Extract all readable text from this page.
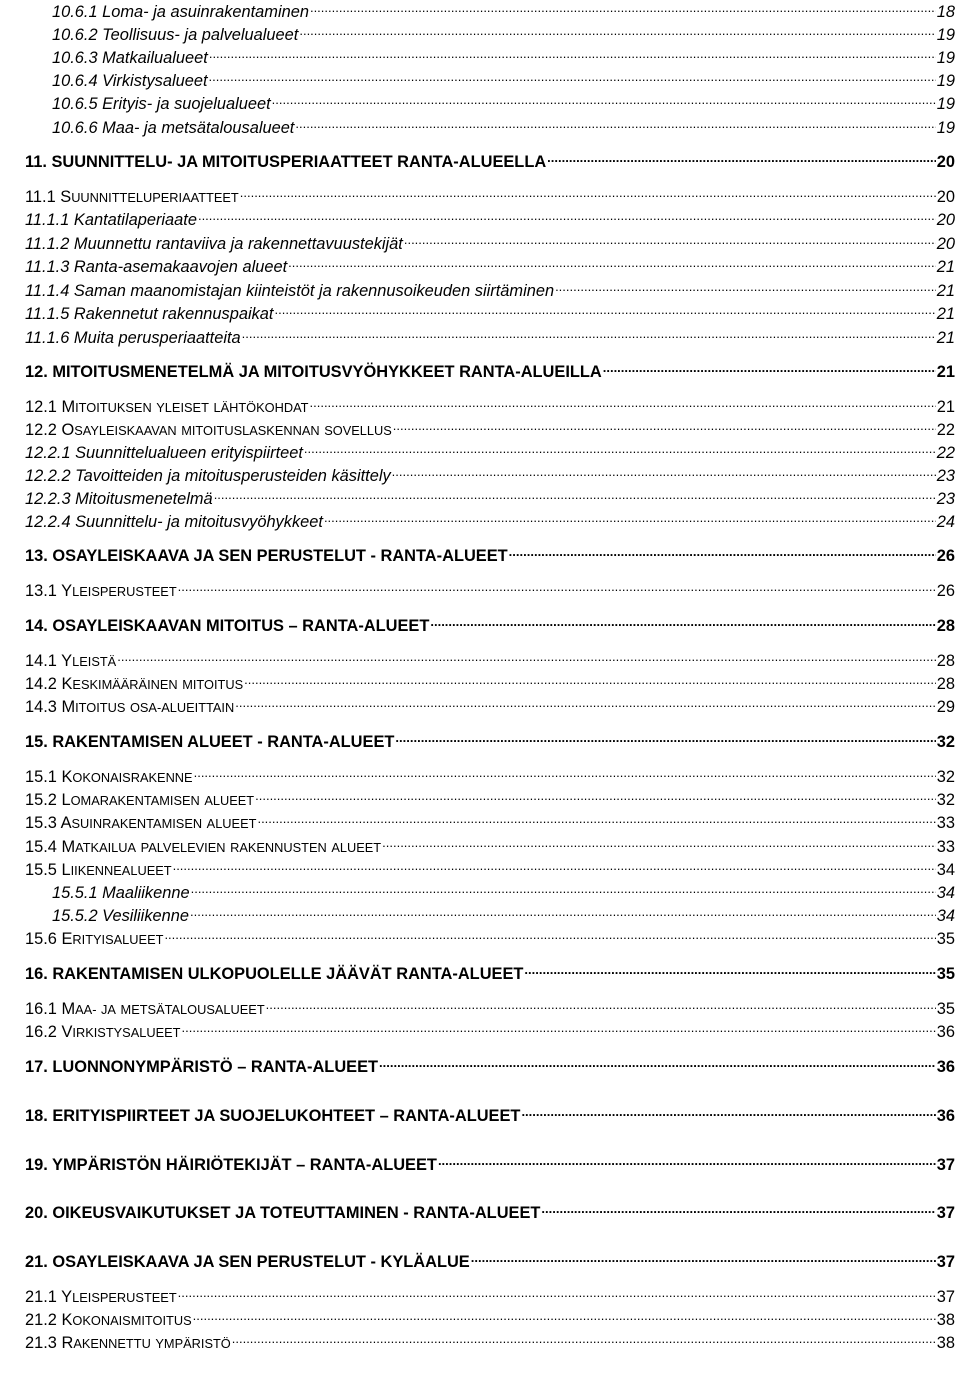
10.6.1 Loma- ja asuinrakentaminen .....	18
10.6.2 Teollisuus- ja palvelualueet .....	19
10.6.3 Matkailualueet .....	19
10.6.4 Virkistysalueet .....	19
10.6.5 Erityis- ja suojelualueet .....	19
10.6.6 Maa- ja metsätalousalueet .....	19
11. SUUNNITTELU- JA MITOITUSPERIAATTEET RANTA-ALUEELLA .....	20
11.1 SUUNNITTELUPERIAATTEET .....	20
11.1.1 Kantatilaperiaate .....	20
11.1.2 Muunnettu rantaviiva ja rakennettavuustekijät .....	20
11.1.3 Ranta-asemakaavojen alueet .....	21
11.1.4 Saman maanomistajan kiinteistöt ja rakennusoikeuden siirtäminen .....	21
11.1.5 Rakennetut rakennuspaikat .....	21
11.1.6 Muita perusperiaatteita .....	21
12. MITOITUSMENETELMÄ JA MITOITUSVYÖHYKKEET RANTA-ALUEILLA .....	21
12.1 MITOITUKSEN YLEISET LÄHTÖKOHDAT .....	21
12.2 OSAYLEISKAAVAN MITOITUSLASKENNAN SOVELLUS .....	22
12.2.1 Suunnittelualueen erityispiirteet .....	22
12.2.2 Tavoitteiden ja mitoitusperusteiden käsittely .....	23
12.2.3 Mitoitusmenetelmä .....	23
12.2.4 Suunnittelu- ja mitoitusvyöhykkeet .....	24
13. OSAYLEISKAAVA JA SEN PERUSTELUT - RANTA-ALUEET .....	26
13.1 YLEISPERUSTEET .....	26
14. OSAYLEISKAAVAN MITOITUS – RANTA-ALUEET .....	28
14.1 YLEISTÄ .....	28
14.2 KESKIMÄÄRÄINEN MITOITUS .....	28
14.3 MITOITUS OSA-ALUEITTAIN .....	29
15. RAKENTAMISEN ALUEET - RANTA-ALUEET .....	32
15.1 KOKONAISRAKENNE .....	32
15.2 LOMARAKENTAMISEN ALUEET .....	32
15.3 ASUINRAKENTAMISEN ALUEET .....	33
15.4 MATKAILUA PALVELEVIEN RAKENNUSTEN ALUEET .....	33
15.5 LIIKENNEALUEET .....	34
15.5.1 Maaliikenne .....	34
15.5.2 Vesiliikenne .....	34
15.6 ERITYISALUEET .....	35
16. RAKENTAMISEN ULKOPUOLELLE JÄÄVÄT RANTA-ALUEET .....	35
16.1 MAA- JA METSÄTALOUSALUEET .....	35
16.2 VIRKISTYSALUEET .....	36
17. LUONNONYMPÄRISTÖ – RANTA-ALUEET .....	36
18. ERITYISPIIRTEET JA SUOJELUKOHTEET – RANTA-ALUEET .....	36
19. YMPÄRISTÖN HÄIRIÖTEKIJÄT – RANTA-ALUEET .....	37
20. OIKEUSVAIKUTUKSET JA TOTEUTTAMINEN - RANTA-ALUEET .....	37
21. OSAYLEISKAAVA JA SEN PERUSTELUT - KYLÄALUE .....	37
21.1 YLEISPERUSTEET .....	37
21.2 KOKONAISMITOITUS .....	38
21.3 RAKENNETTU YMPÄRISTÖ .....	38
